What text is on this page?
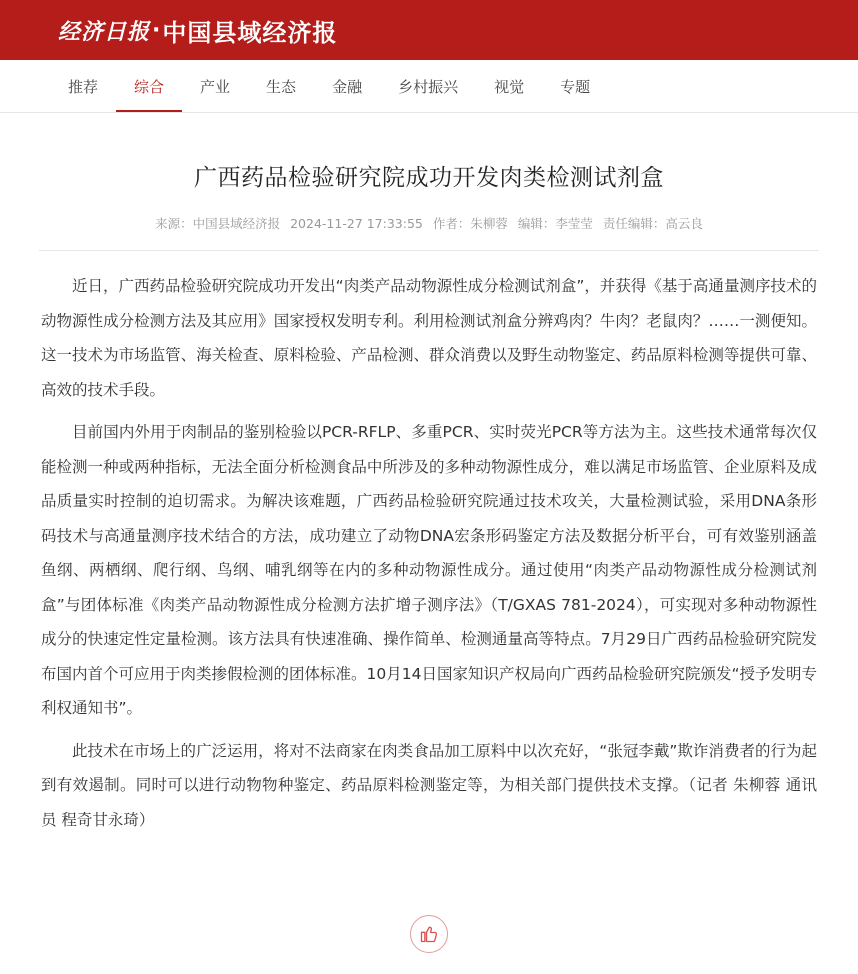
经济日报 · 中国县域经济报
推荐	综合	产业	生态	金融	乡村振兴	视觉	专题
广西药品检验研究院成功开发肉类检测试剂盒
来源：中国县域经济报 2024-11-27 17:33:55 作者：朱柳蓉 编辑：李莹莹 责任编辑：高云良

近日，广西药品检验研究院成功开发出“肉类产品动物源性成分检测试剂盒”，并获得《基于高通量测序技术的动物源性成分检测方法及其应用》国家授权发明专利。利用检测试剂盒分辨鸡肉？牛肉？老鼠肉？……一测便知。这一技术为市场监管、海关检查、原料检验、产品检测、群众消费以及野生动物鉴定、药品原料检测等提供可靠、高效的技术手段。

目前国内外用于肉制品的鉴别检验以PCR-RFLP、多重PCR、实时荧光PCR等方法为主。这些技术通常每次仅能检测一种或两种指标，无法全面分析检测食品中所涉及的多种动物源性成分，难以满足市场监管、企业原料及成品质量实时控制的迫切需求。为解决该难题，广西药品检验研究院通过技术攻关，大量检测试验，采用DNA条形码技术与高通量测序技术结合的方法，成功建立了动物DNA宏条形码鉴定方法及数据分析平台，可有效鉴别涵盖鱼纲、两栖纲、爬行纲、鸟纲、哺乳纲等在内的多种动物源性成分。通过使用“肉类产品动物源性成分检测试剂盒”与团体标准《肉类产品动物源性成分检测方法扩增子测序法》（T/GXAS 781-2024），可实现对多种动物源性成分的快速定性定量检测。该方法具有快速准确、操作简单、检测通量高等特点。7月29日广西药品检验研究院发布国内首个可应用于肉类掺假检测的团体标准。10月14日国家知识产权局向广西药品检验研究院颁发“授予发明专利权通知书”。

此技术在市场上的广泛运用，将对不法商家在肉类食品加工原料中以次充好，“张冠李戴”欺诈消费者的行为起到有效遏制。同时可以进行动物物种鉴定、药品原料检测鉴定等，为相关部门提供技术支撑。（记者 朱柳蓉 通讯员 程奇甘永琦）
